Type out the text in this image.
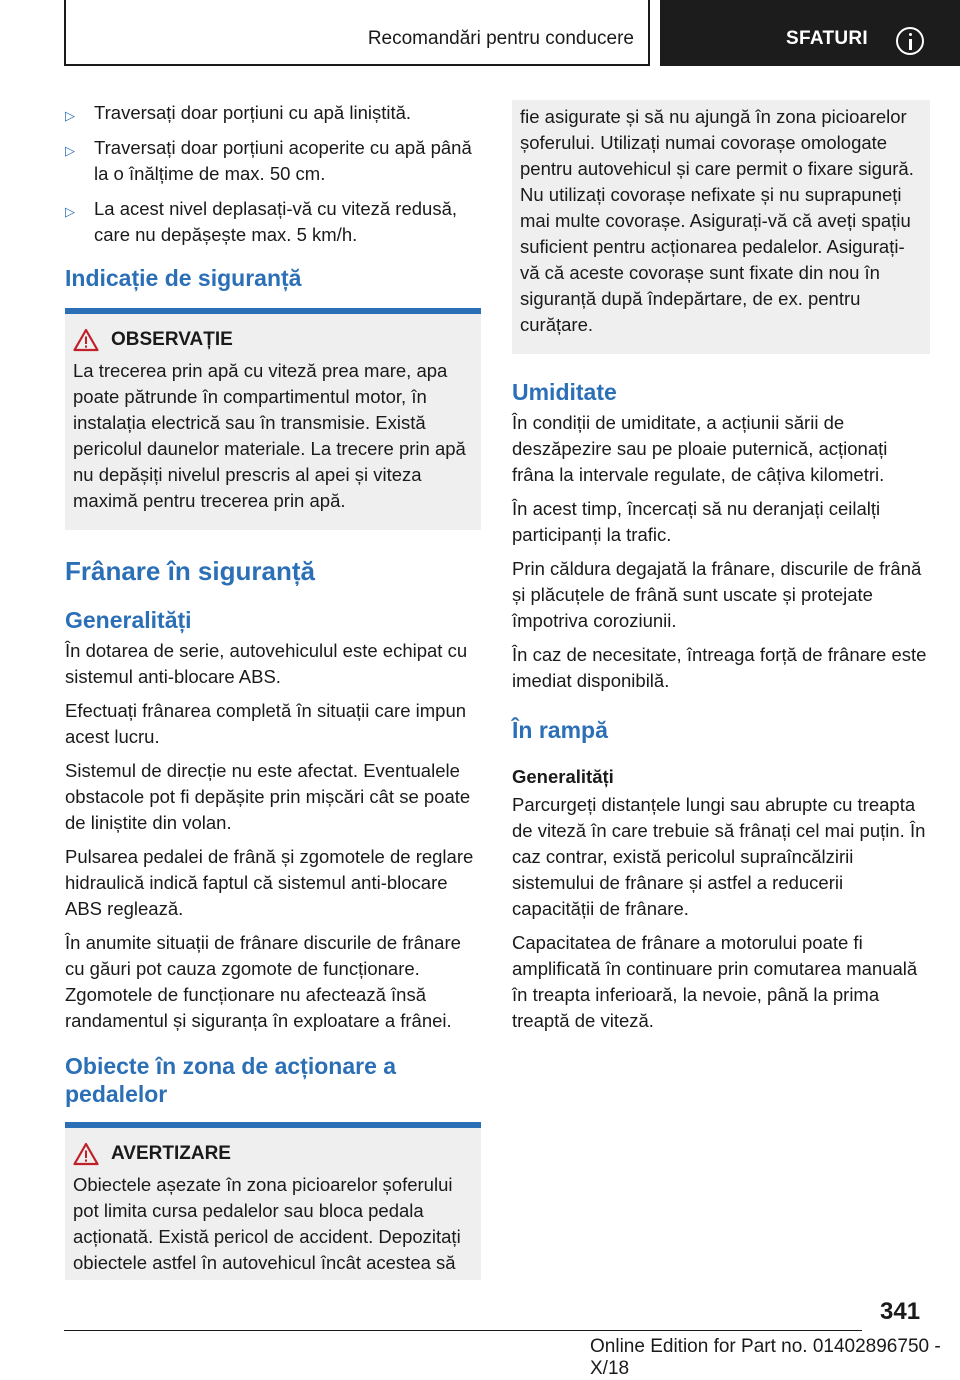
Recomandări pentru conducere	SFATURI
▷ Traversați doar porțiuni cu apă liniștită.
▷ Traversați doar porțiuni acoperite cu apă până la o înălțime de max. 50 cm.
▷ La acest nivel deplasați-vă cu viteză redusă, care nu depășește max. 5 km/h.
Indicație de siguranță
OBSERVAȚIE

La trecerea prin apă cu viteză prea mare, apa poate pătrunde în compartimentul motor, în instalația electrică sau în transmisie. Există pericolul daunelor materiale. La trecere prin apă nu depășiți nivelul prescris al apei și viteza maximă pentru trecerea prin apă.

Frânare în siguranță
Generalități

În dotarea de serie, autovehiculul este echipat cu sistemul anti-blocare ABS.

Efectuați frânarea completă în situații care impun acest lucru.

Sistemul de direcție nu este afectat. Eventualele obstacole pot fi depășite prin mișcări cât se poate de liniștite din volan.

Pulsarea pedalei de frână și zgomotele de reglare hidraulică indică faptul că sistemul anti-blocare ABS reglează.

În anumite situații de frânare discurile de frânare cu găuri pot cauza zgomote de funcționare. Zgomotele de funcționare nu afectează însă randamentul și siguranța în exploatare a frânei.

Obiecte în zona de acționare a pedalelor
AVERTIZARE

Obiectele așezate în zona picioarelor șoferului pot limita cursa pedalelor sau bloca pedala acționată. Există pericol de accident. Depozitați obiectele astfel în autovehicul încât acestea să

fie asigurate și să nu ajungă în zona picioarelor șoferului. Utilizați numai covorașe omologate pentru autovehicul și care permit o fixare sigură. Nu utilizați covorașe nefixate și nu suprapuneți mai multe covorașe. Asigurați-vă că aveți spațiu suficient pentru acționarea pedalelor. Asigurați-vă că aceste covorașe sunt fixate din nou în siguranță după îndepărtare, de ex. pentru curățare.

Umiditate

În condiții de umiditate, a acțiunii sării de deszăpezire sau pe ploaie puternică, acționați frâna la intervale regulate, de câțiva kilometri.

În acest timp, încercați să nu deranjați ceilalți participanți la trafic.

Prin căldura degajată la frânare, discurile de frână și plăcuțele de frână sunt uscate și protejate împotriva coroziunii.

În caz de necesitate, întreaga forță de frânare este imediat disponibilă.

În rampă
Generalități

Parcurgeți distanțele lungi sau abrupte cu treapta de viteză în care trebuie să frânați cel mai puțin. În caz contrar, există pericolul supraîncălzirii sistemului de frânare și astfel a reducerii capacității de frânare.

Capacitatea de frânare a motorului poate fi amplificată în continuare prin comutarea manuală în treapta inferioară, la nevoie, până la prima treaptă de viteză.

341
Online Edition for Part no. 01402896750 - X/18
